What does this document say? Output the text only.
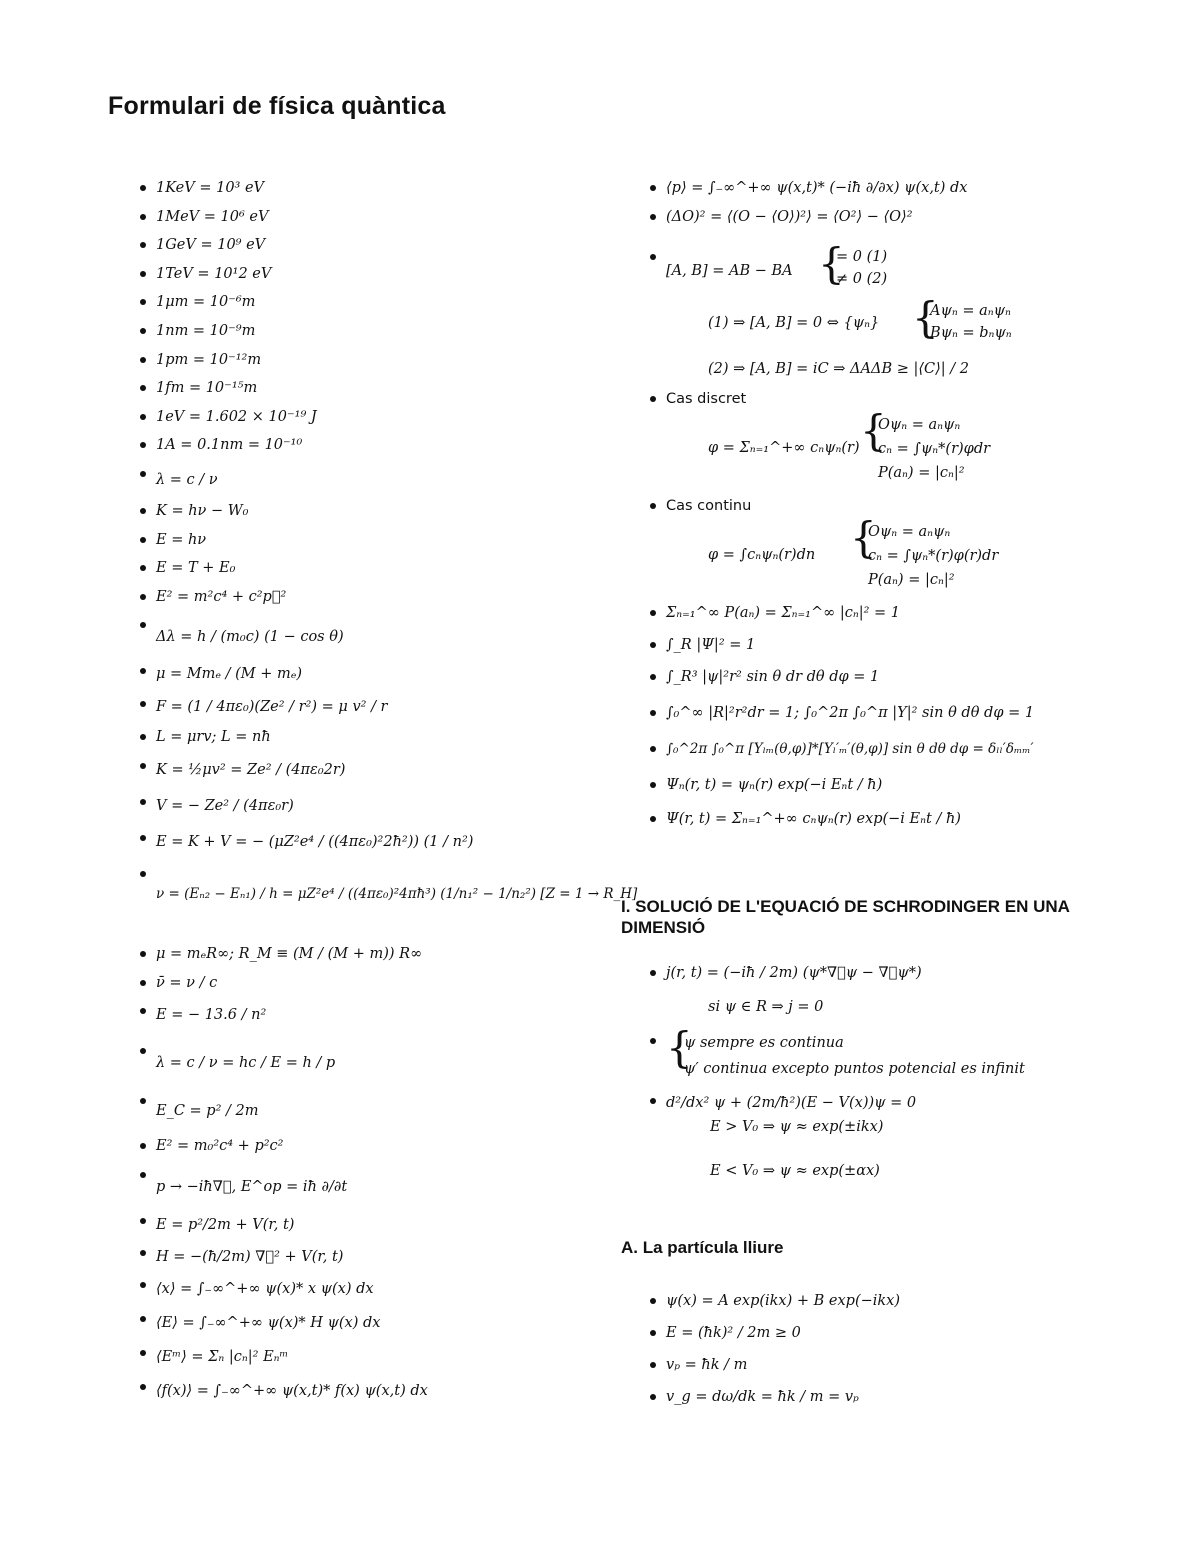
Formulari de física quàntica
1KeV = 10³ eV
1MeV = 10⁶ eV
1GeV = 10⁹ eV
1TeV = 10¹2 eV
1μm = 10⁻⁶m
1nm = 10⁻⁹m
1pm = 10⁻¹²m
1fm = 10⁻¹⁵m
1eV = 1.602 × 10⁻¹⁹ J
1A = 0.1nm = 10⁻¹⁰
λ = c / ν
K = hν − W₀
E = hν
E = T + E₀
E² = m²c⁴ + c²p⃗²
Δλ = h / (m₀c) (1 − cos θ)
μ = Mmₑ / (M + mₑ)
F = (1 / 4πε₀)(Ze² / r²) = μ v² / r
L = μrv; L = nħ
K = ½μv² = Ze² / (4πε₀2r)
V = − Ze² / (4πε₀r)
E = K + V = − (μZ²e⁴ / ((4πε₀)²2ħ²)) (1 / n²)
ν = (Eₙ₂ − Eₙ₁) / h = μZ²e⁴ / ((4πε₀)²4πħ³) (1/n₁² − 1/n₂²) [Z = 1 → R_H]
μ = mₑR∞; R_M ≡ (M / (M + m)) R∞
ν̄ = ν / c
E = − 13.6 / n²
λ = c / ν = hc / E = h / p
E_C = p² / 2m
E² = m₀²c⁴ + p²c²
p → −iħ∇⃗, E^op = iħ ∂/∂t
E = p²/2m + V(r, t)
H = −(ħ/2m) ∇⃗² + V(r, t)
⟨x⟩ = ∫₋∞^+∞ ψ(x)* x ψ(x) dx
⟨E⟩ = ∫₋∞^+∞ ψ(x)* H ψ(x) dx
⟨Eᵐ⟩ = Σₙ |cₙ|² Eₙᵐ
⟨f(x)⟩ = ∫₋∞^+∞ ψ(x,t)* f(x) ψ(x,t) dx
⟨p⟩ = ∫₋∞^+∞ ψ(x,t)* (−iħ ∂/∂x) ψ(x,t) dx
(ΔO)² = ⟨(O − ⟨O⟩)²⟩ = ⟨O²⟩ − ⟨O⟩²
[A, B] = AB − BA
{ = 0 (1)
≠ 0 (2)
(1) ⇒ [A, B] = 0 ⇔ {ψₙ}
{ Aψₙ = aₙψₙ
Bψₙ = bₙψₙ
(2) ⇒ [A, B] = iC ⇒ ΔAΔB ≥ |⟨C⟩| / 2
Cas discret
φ = Σₙ₌₁^+∞ cₙψₙ(r)
{ Oψₙ = aₙψₙ
cₙ = ∫ψₙ*(r)φdr
P(aₙ) = |cₙ|²
Cas continu
φ = ∫cₙψₙ(r)dn
{ Oψₙ = aₙψₙ
cₙ = ∫ψₙ*(r)φ(r)dr
P(aₙ) = |cₙ|²
Σₙ₌₁^∞ P(aₙ) = Σₙ₌₁^∞ |cₙ|² = 1
∫_R |Ψ|² = 1
∫_R³ |ψ|²r² sin θ dr dθ dφ = 1
∫₀^∞ |R|²r²dr = 1; ∫₀^2π ∫₀^π |Y|² sin θ dθ dφ = 1
∫₀^2π ∫₀^π [Yₗₘ(θ,φ)]*[Yₗ′ₘ′(θ,φ)] sin θ dθ dφ = δₗₗ′δₘₘ′
Ψₙ(r, t) = ψₙ(r) exp(−i Eₙt / ħ)
Ψ(r, t) = Σₙ₌₁^+∞ cₙψₙ(r) exp(−i Eₙt / ħ)
I. SOLUCIÓ DE L'EQUACIÓ DE SCHRODINGER EN UNA DIMENSIÓ
j(r, t) = (−iħ / 2m) (ψ*∇⃗ψ − ∇⃗ψ*)
si ψ ∈ R ⇒ j = 0
{ ψ sempre es continua
ψ′ continua excepto puntos potencial es infinit
d²/dx² ψ + (2m/ħ²)(E − V(x))ψ = 0
E > V₀ ⇒ ψ ≈ exp(±ikx)
E < V₀ ⇒ ψ ≈ exp(±αx)
A. La partícula lliure
ψ(x) = A exp(ikx) + B exp(−ikx)
E = (ħk)² / 2m ≥ 0
vₚ = ħk / m
v_g = dω/dk = ħk / m = vₚ
